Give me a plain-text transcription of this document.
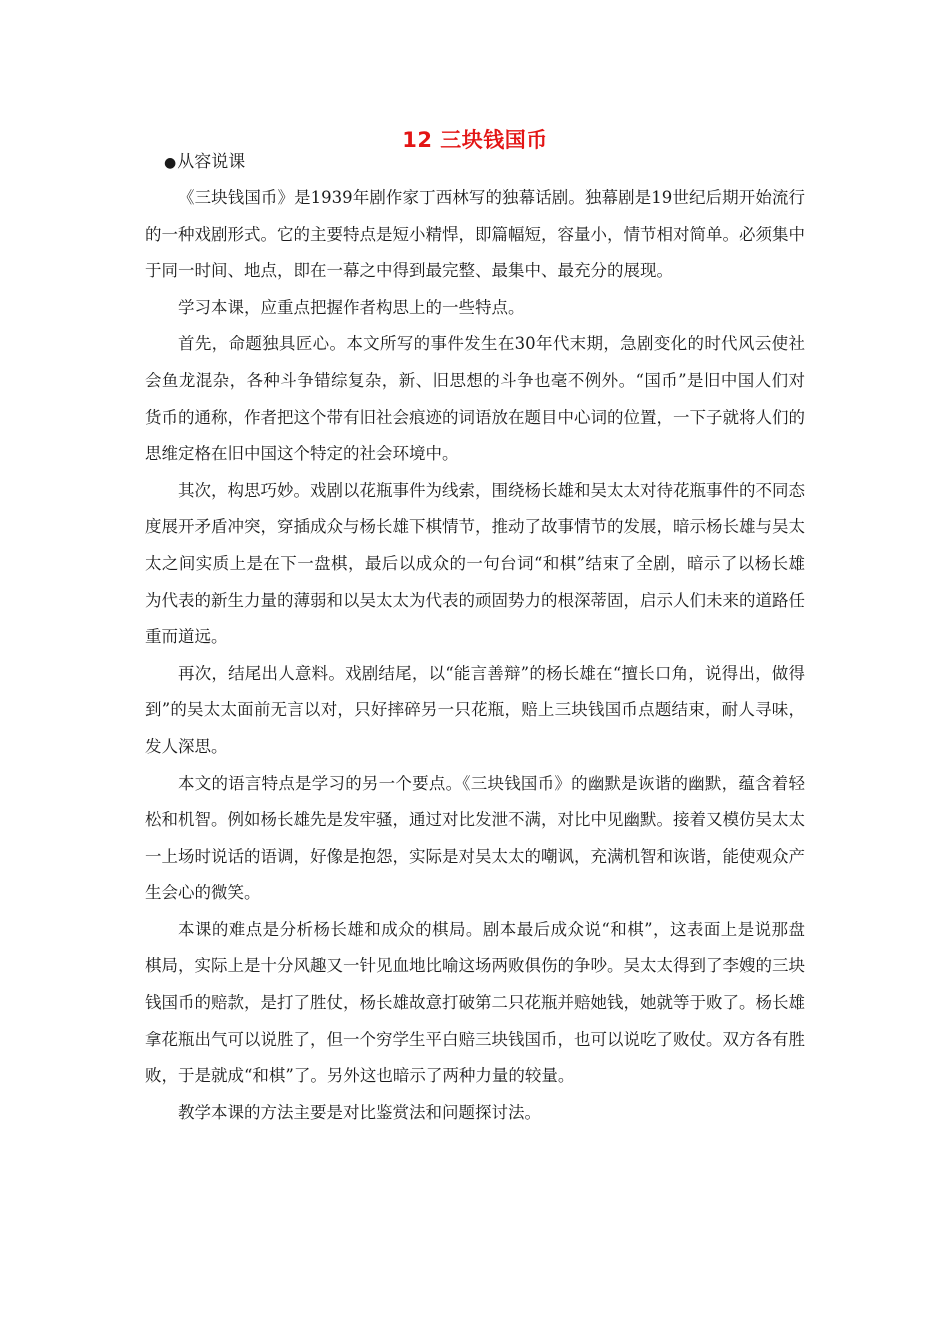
12 三块钱国币
●从容说课

《三块钱国币》是1939年剧作家丁西林写的独幕话剧。独幕剧是19世纪后期开始流行的一种戏剧形式。它的主要特点是短小精悍，即篇幅短，容量小，情节相对简单。必须集中于同一时间、地点，即在一幕之中得到最完整、最集中、最充分的展现。

学习本课，应重点把握作者构思上的一些特点。

首先，命题独具匠心。本文所写的事件发生在30年代末期，急剧变化的时代风云使社会鱼龙混杂，各种斗争错综复杂，新、旧思想的斗争也毫不例外。“国币”是旧中国人们对货币的通称，作者把这个带有旧社会痕迹的词语放在题目中心词的位置，一下子就将人们的思维定格在旧中国这个特定的社会环境中。

其次，构思巧妙。戏剧以花瓶事件为线索，围绕杨长雄和吴太太对待花瓶事件的不同态度展开矛盾冲突，穿插成众与杨长雄下棋情节，推动了故事情节的发展，暗示杨长雄与吴太太之间实质上是在下一盘棋，最后以成众的一句台词“和棋”结束了全剧，暗示了以杨长雄为代表的新生力量的薄弱和以吴太太为代表的顽固势力的根深蒂固，启示人们未来的道路任重而道远。

再次，结尾出人意料。戏剧结尾，以“能言善辩”的杨长雄在“擅长口角，说得出，做得到”的吴太太面前无言以对，只好摔碎另一只花瓶，赔上三块钱国币点题结束，耐人寻味，发人深思。

本文的语言特点是学习的另一个要点。《三块钱国币》的幽默是诙谐的幽默，蕴含着轻松和机智。例如杨长雄先是发牢骚，通过对比发泄不满，对比中见幽默。接着又模仿吴太太一上场时说话的语调，好像是抱怨，实际是对吴太太的嘲讽，充满机智和诙谐，能使观众产生会心的微笑。

本课的难点是分析杨长雄和成众的棋局。剧本最后成众说“和棋”，这表面上是说那盘棋局，实际上是十分风趣又一针见血地比喻这场两败俱伤的争吵。吴太太得到了李嫂的三块钱国币的赔款，是打了胜仗，杨长雄故意打破第二只花瓶并赔她钱，她就等于败了。杨长雄拿花瓶出气可以说胜了，但一个穷学生平白赔三块钱国币，也可以说吃了败仗。双方各有胜败，于是就成“和棋”了。另外这也暗示了两种力量的较量。

教学本课的方法主要是对比鉴赏法和问题探讨法。
